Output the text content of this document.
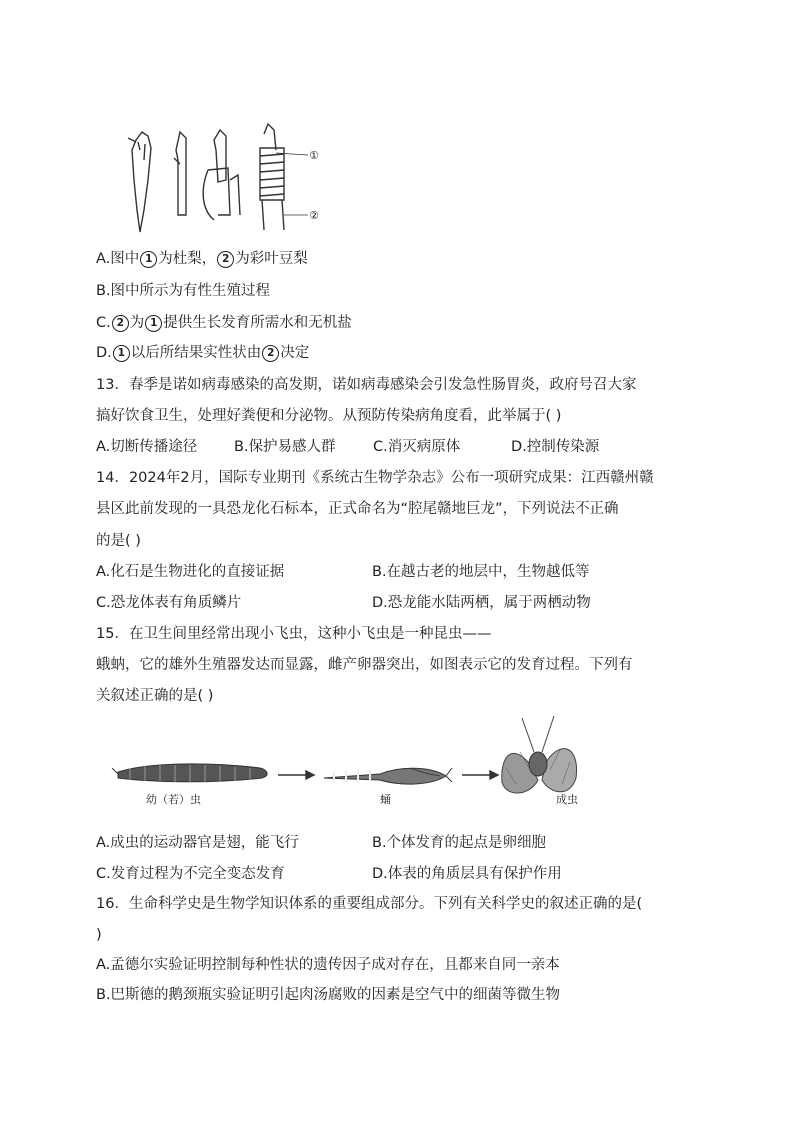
①
②
A.图中 1 为杜梨， 2 为彩叶豆梨
B.图中所示为有性生殖过程
C. 2 为 1 提供生长发育所需水和无机盐
D. 1 以后所结果实性状由 2 决定
13．春季是诺如病毒感染的高发期，诺如病毒感染会引发急性肠胃炎，政府号召大家
搞好饮食卫生，处理好粪便和分泌物。从预防传染病角度看，此举属于( )
A.切断传播途径	B.保护易感人群	C.消灭病原体	D.控制传染源
14．2024年2月，国际专业期刊《系统古生物学杂志》公布一项研究成果：江西赣州赣
县区此前发现的一具恐龙化石标本，正式命名为“腔尾赣地巨龙”，下列说法不正确
的是( )
A.化石是生物进化的直接证据	B.在越古老的地层中，生物越低等
C.恐龙体表有角质鳞片	D.恐龙能水陆两栖，属于两栖动物
15．在卫生间里经常出现小飞虫，这种小飞虫是一种昆虫——
蛾蚋，它的雄外生殖器发达而显露，雌产卵器突出，如图表示它的发育过程。下列有
关叙述正确的是( )
幼（若）虫	蛹	成虫
A.成虫的运动器官是翅，能飞行	B.个体发育的起点是卵细胞
C.发育过程为不完全变态发育	D.体表的角质层具有保护作用
16．生命科学史是生物学知识体系的重要组成部分。下列有关科学史的叙述正确的是(
)
A.孟德尔实验证明控制每种性状的遗传因子成对存在，且都来自同一亲本
B.巴斯德的鹅颈瓶实验证明引起肉汤腐败的因素是空气中的细菌等微生物
